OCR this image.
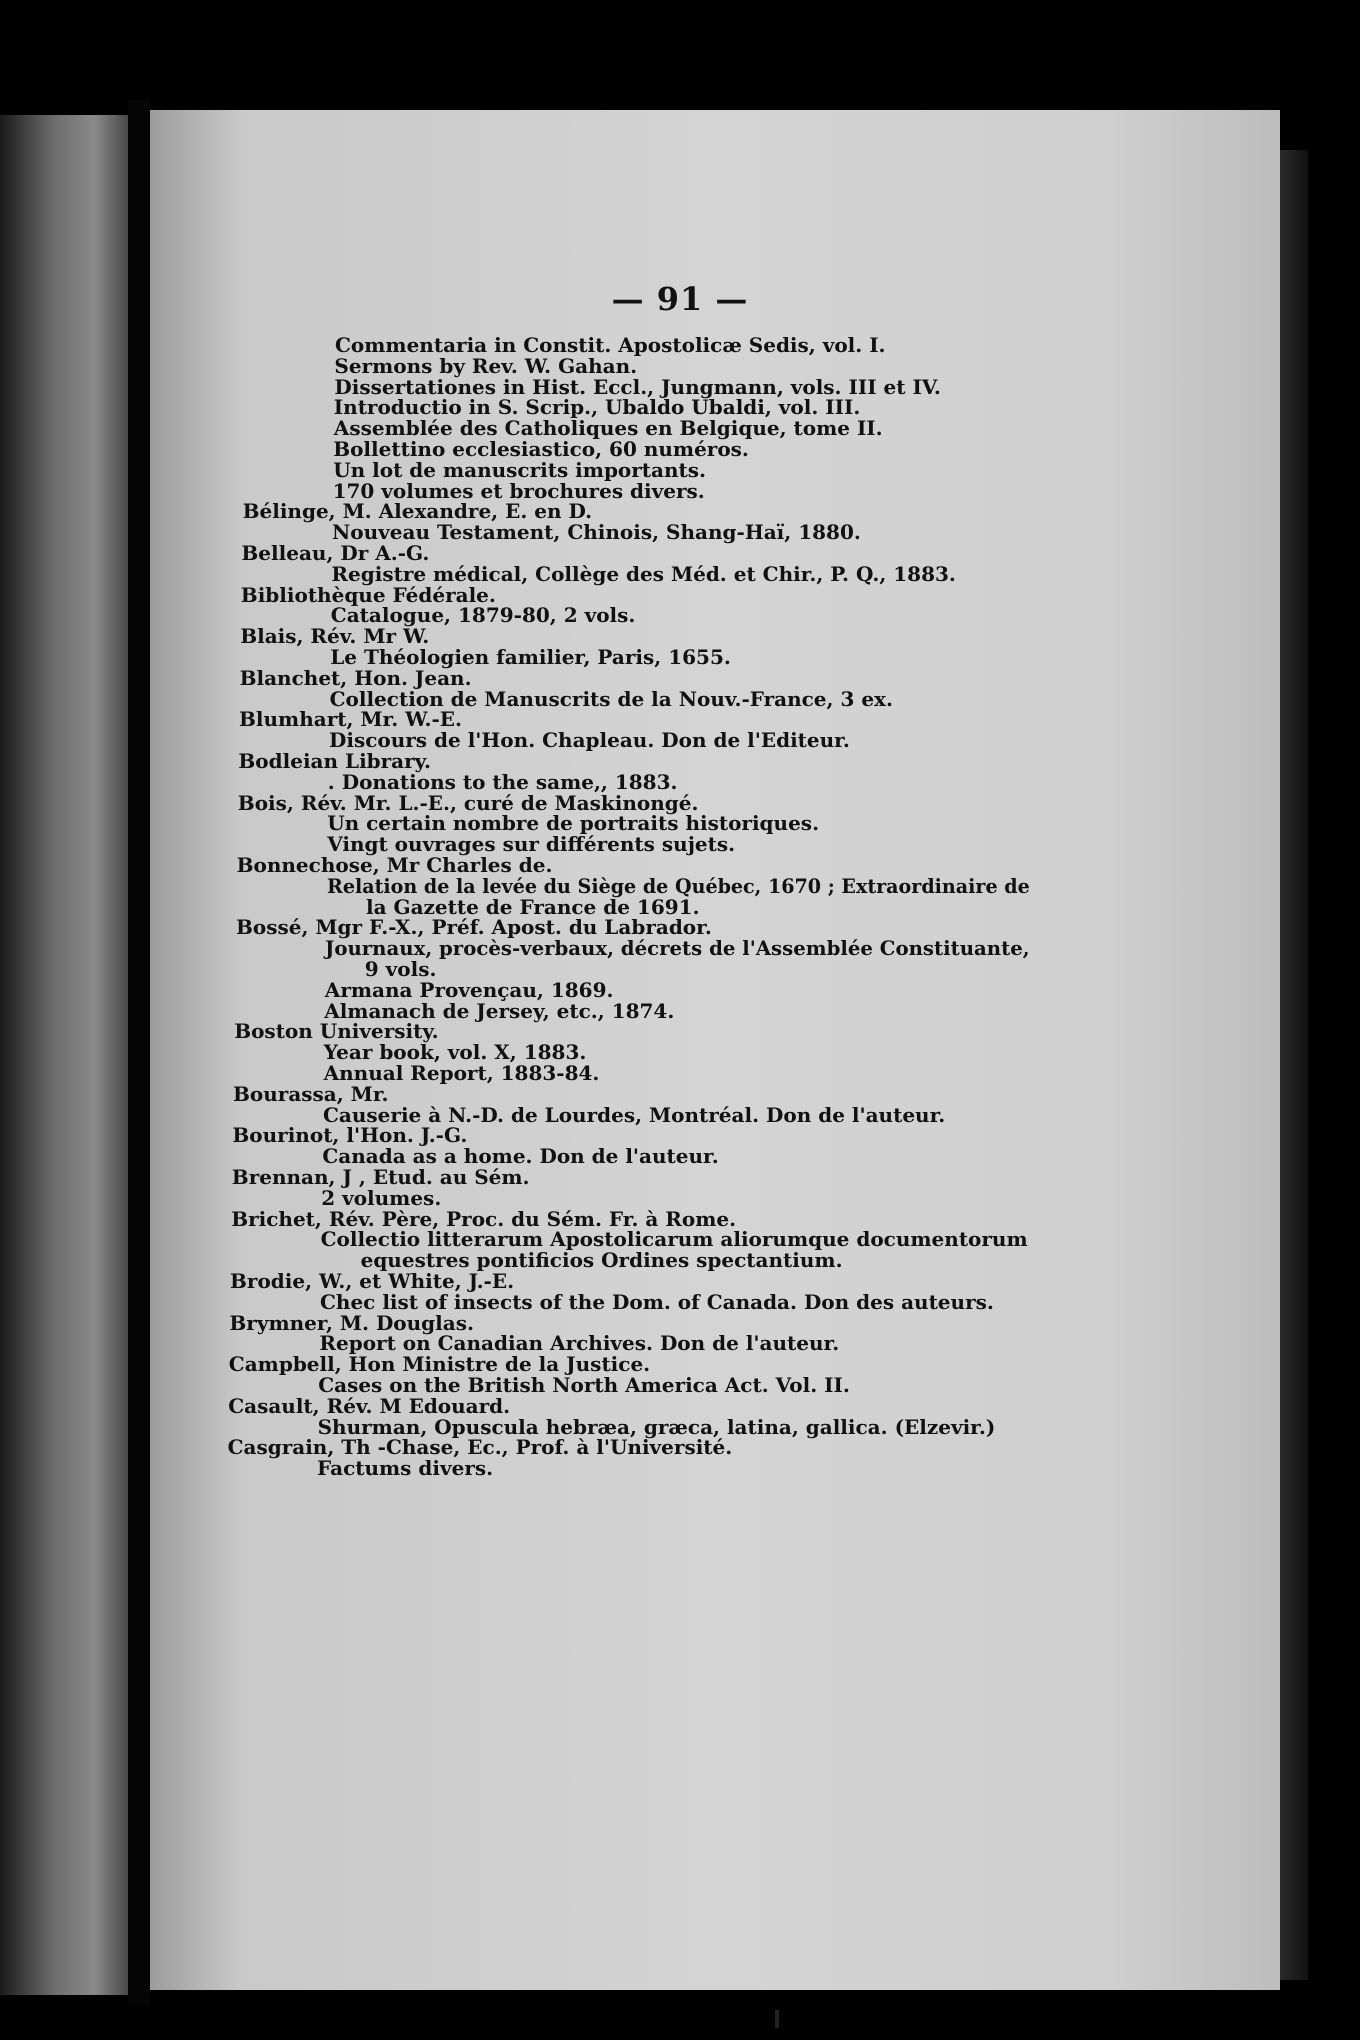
— 91 —
Commentaria in Constit. Apostolicæ Sedis, vol. I.
Sermons by Rev. W. Gahan.
Dissertationes in Hist. Eccl., Jungmann, vols. III et IV.
Introductio in S. Scrip., Ubaldo Ubaldi, vol. III.
Assemblée des Catholiques en Belgique, tome II.
Bollettino ecclesiastico, 60 numéros.
Un lot de manuscrits importants.
170 volumes et brochures divers.
Bélinge, M. Alexandre, E. en D.
Nouveau Testament, Chinois, Shang-Haï, 1880.
Belleau, Dr A.-G.
Registre médical, Collège des Méd. et Chir., P. Q., 1883.
Bibliothèque Fédérale.
Catalogue, 1879-80, 2 vols.
Blais, Rév. Mr W.
Le Théologien familier, Paris, 1655.
Blanchet, Hon. Jean.
Collection de Manuscrits de la Nouv.-France, 3 ex.
Blumhart, Mr. W.-E.
Discours de l'Hon. Chapleau. Don de l'Editeur.
Bodleian Library.
. Donations to the same,, 1883.
Bois, Rév. Mr. L.-E., curé de Maskinongé.
Un certain nombre de portraits historiques.
Vingt ouvrages sur différents sujets.
Bonnechose, Mr Charles de.
Relation de la levée du Siège de Québec, 1670 ; Extraordinaire de
la Gazette de France de 1691.
Bossé, Mgr F.-X., Préf. Apost. du Labrador.
Journaux, procès-verbaux, décrets de l'Assemblée Constituante,
9 vols.
Armana Provençau, 1869.
Almanach de Jersey, etc., 1874.
Boston University.
Year book, vol. X, 1883.
Annual Report, 1883-84.
Bourassa, Mr.
Causerie à N.-D. de Lourdes, Montréal. Don de l'auteur.
Bourinot, l'Hon. J.-G.
Canada as a home. Don de l'auteur.
Brennan, J , Etud. au Sém.
2 volumes.
Brichet, Rév. Père, Proc. du Sém. Fr. à Rome.
Collectio litterarum Apostolicarum aliorumque documentorum
equestres pontificios Ordines spectantium.
Brodie, W., et White, J.-E.
Chec list of insects of the Dom. of Canada. Don des auteurs.
Brymner, M. Douglas.
Report on Canadian Archives. Don de l'auteur.
Campbell, Hon Ministre de la Justice.
Cases on the British North America Act. Vol. II.
Casault, Rév. M Edouard.
Shurman, Opuscula hebræa, græca, latina, gallica. (Elzevir.)
Casgrain, Th -Chase, Ec., Prof. à l'Université.
Factums divers.
